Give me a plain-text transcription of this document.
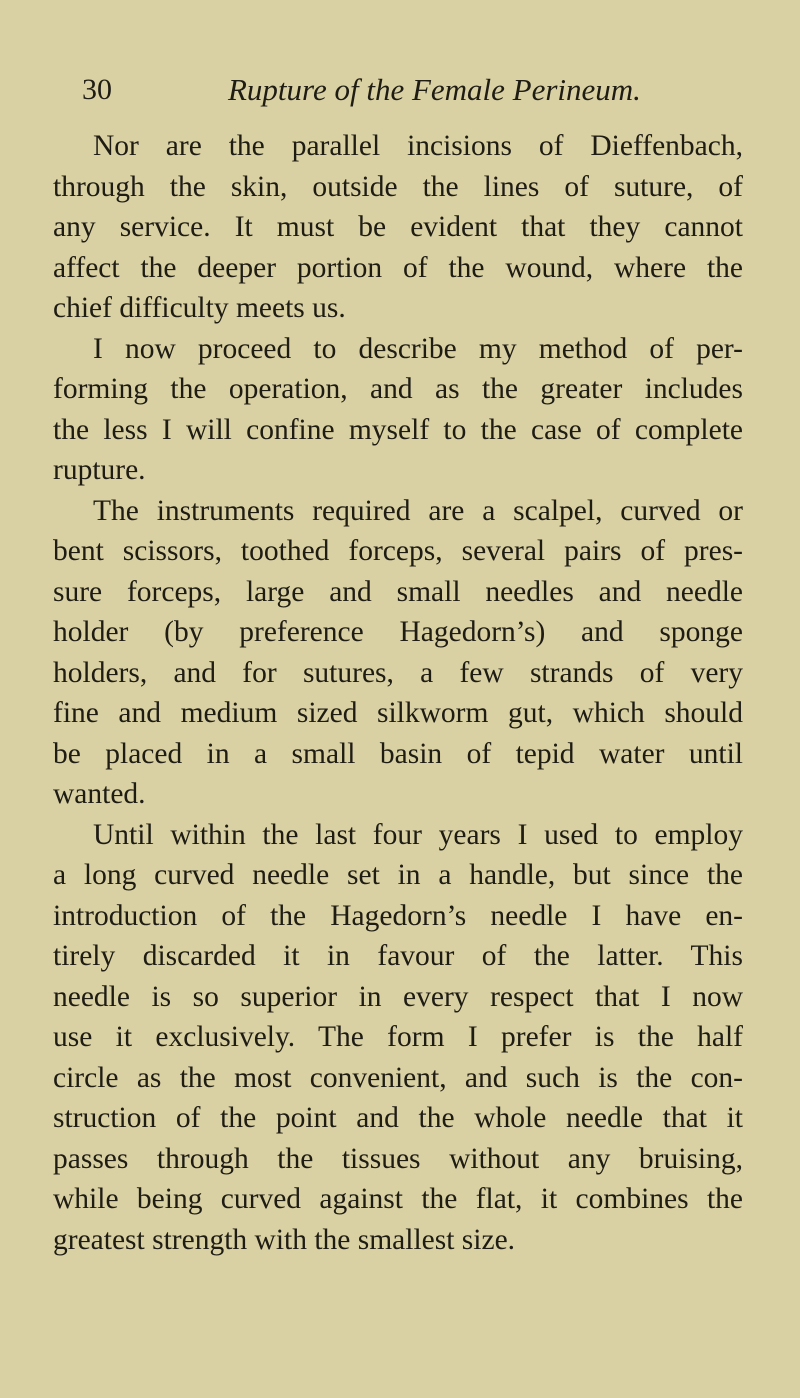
30	Rupture of the Female Perineum.
Nor are the parallel incisions of Dieffenbach,
through the skin, outside the lines of suture, of
any service. It must be evident that they cannot
affect the deeper portion of the wound, where the
chief difficulty meets us.
I now proceed to describe my method of per-
forming the operation, and as the greater includes
the less I will confine myself to the case of complete
rupture.
The instruments required are a scalpel, curved or
bent scissors, toothed forceps, several pairs of pres-
sure forceps, large and small needles and needle
holder (by preference Hagedorn’s) and sponge
holders, and for sutures, a few strands of very
fine and medium sized silkworm gut, which should
be placed in a small basin of tepid water until
wanted.
Until within the last four years I used to employ
a long curved needle set in a handle, but since the
introduction of the Hagedorn’s needle I have en-
tirely discarded it in favour of the latter. This
needle is so superior in every respect that I now
use it exclusively. The form I prefer is the half
circle as the most convenient, and such is the con-
struction of the point and the whole needle that it
passes through the tissues without any bruising,
while being curved against the flat, it combines the
greatest strength with the smallest size.
